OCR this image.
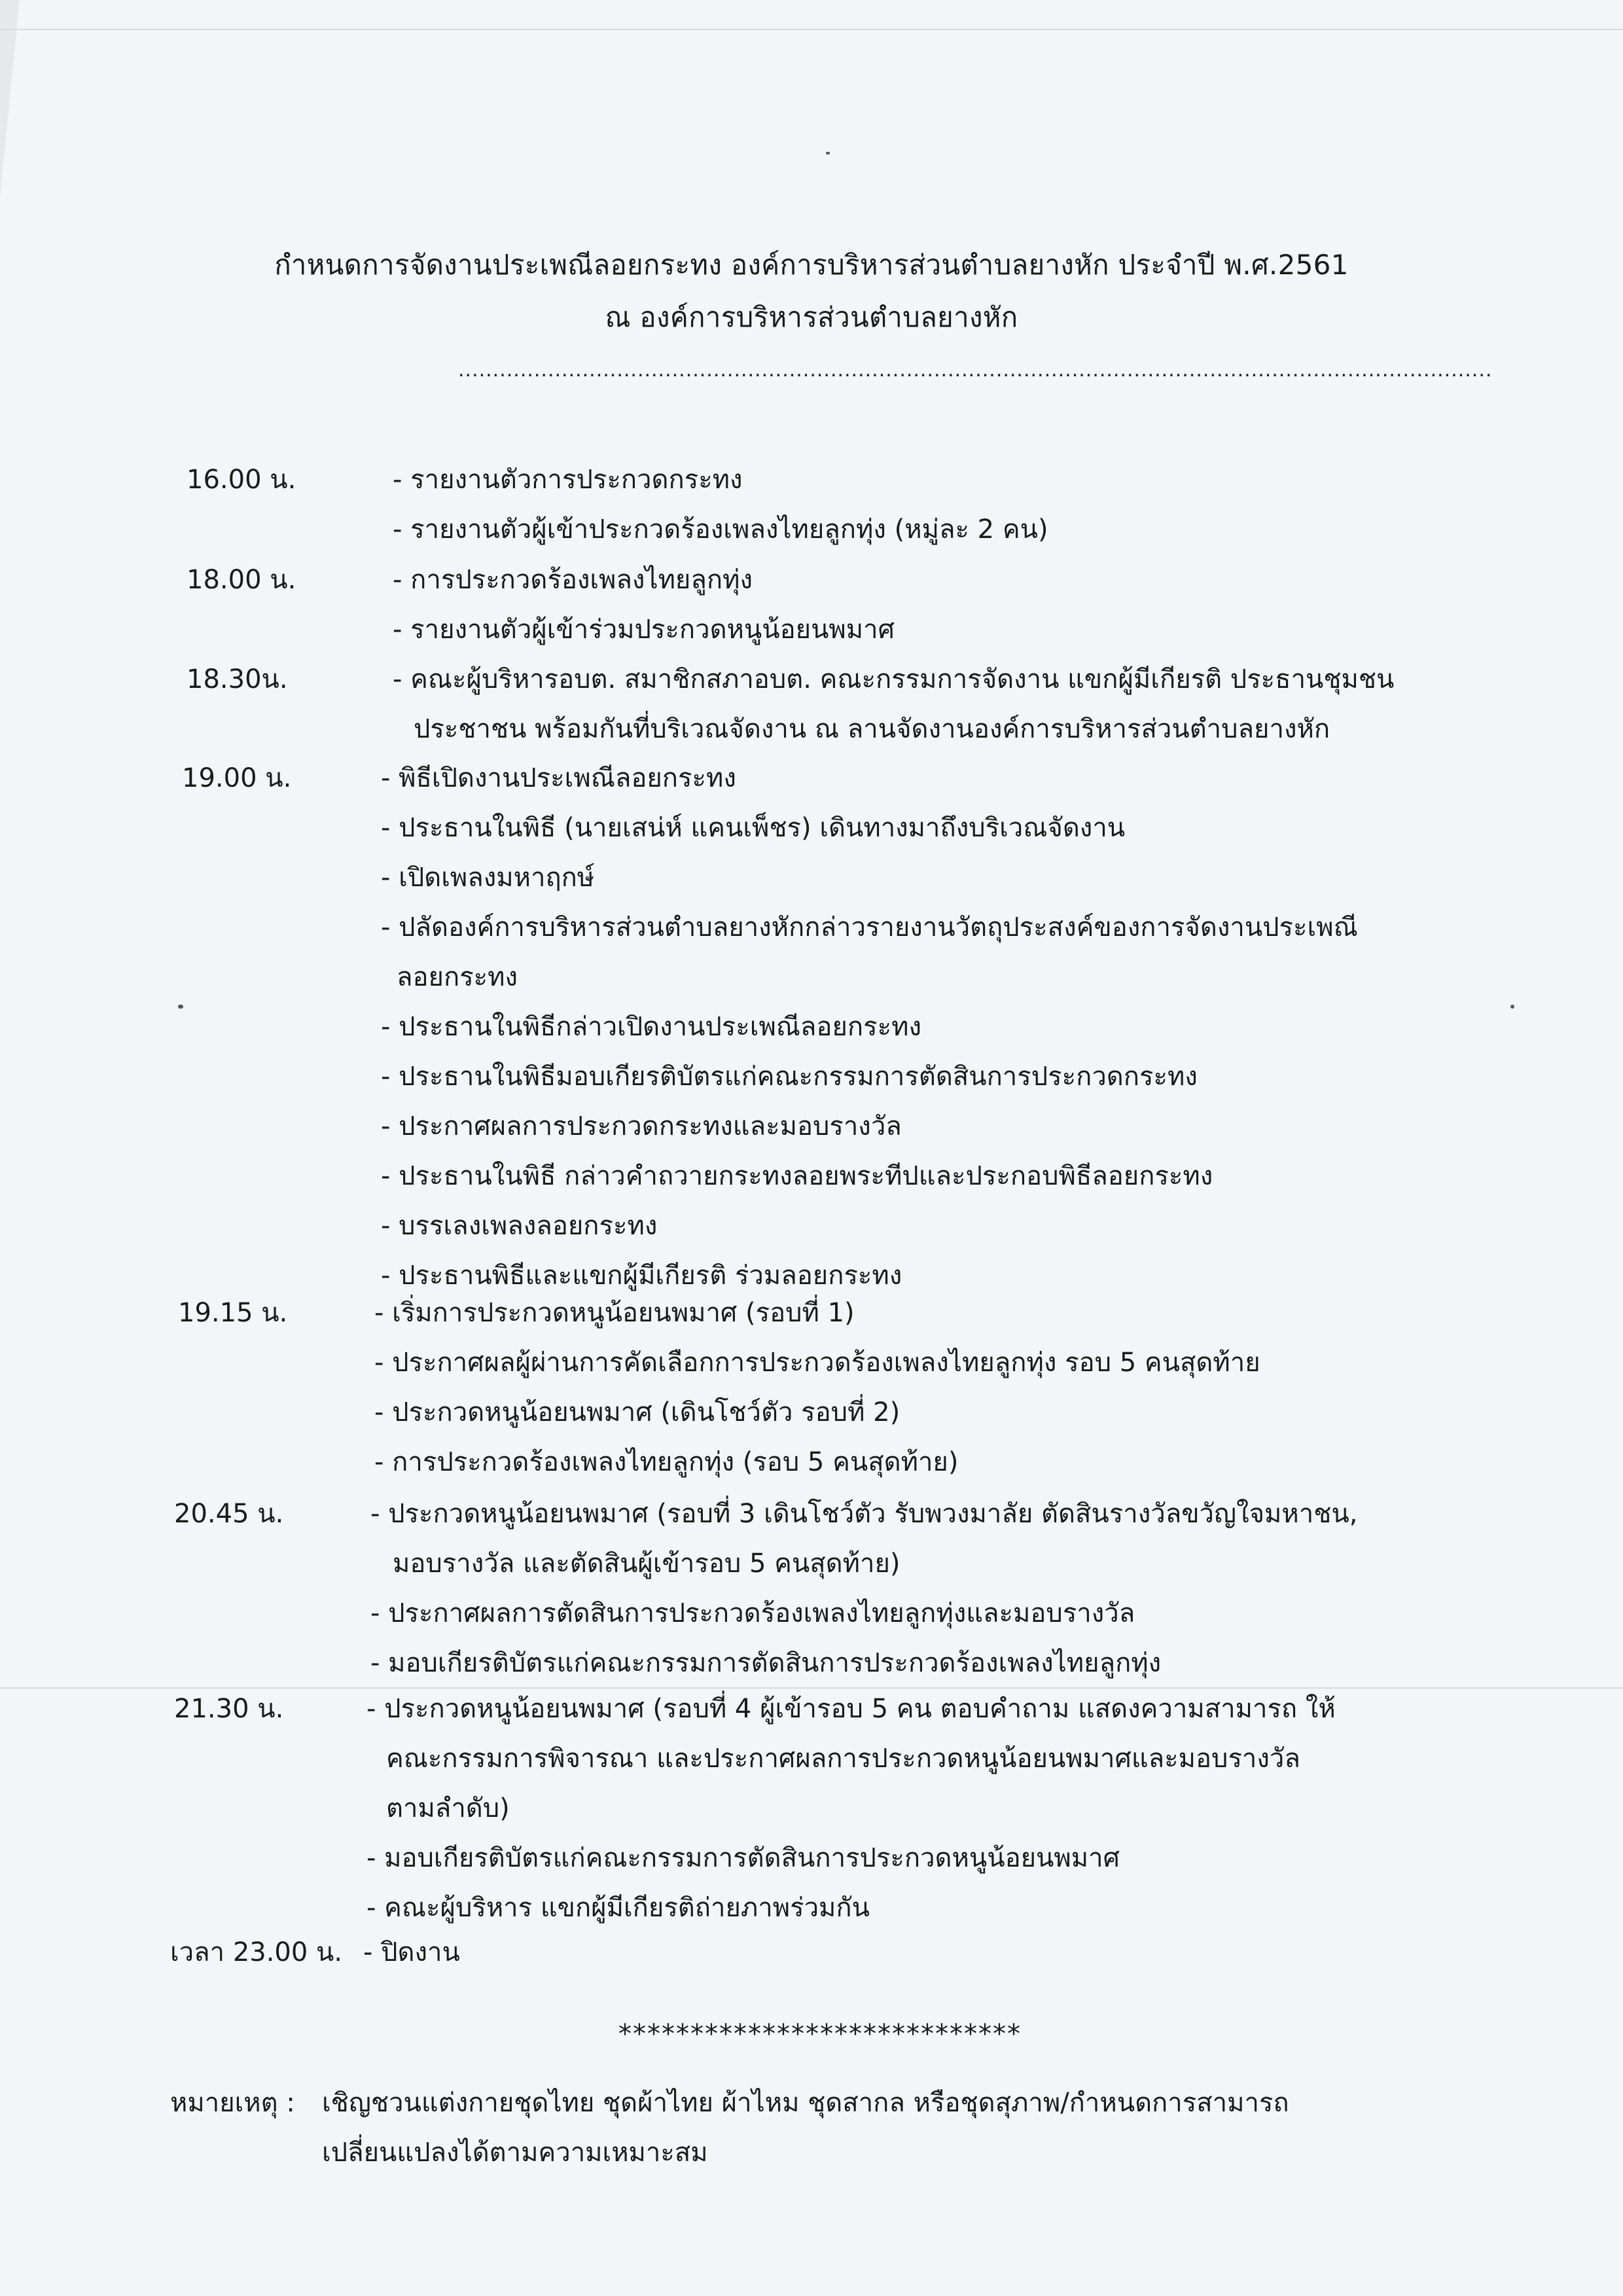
กำหนดการจัดงานประเพณีลอยกระทง องค์การบริหารส่วนตำบลยางหัก ประจำปี พ.ศ.2561
ณ องค์การบริหารส่วนตำบลยางหัก
......................................................................................................................................................
16.00 น.	- รายงานตัวการประกวดกระทง
- รายงานตัวผู้เข้าประกวดร้องเพลงไทยลูกทุ่ง (หมู่ละ 2 คน)
18.00 น.	- การประกวดร้องเพลงไทยลูกทุ่ง
- รายงานตัวผู้เข้าร่วมประกวดหนูน้อยนพมาศ
18.30น.	- คณะผู้บริหารอบต. สมาชิกสภาอบต. คณะกรรมการจัดงาน แขกผู้มีเกียรติ ประธานชุมชน
ประชาชน พร้อมกันที่บริเวณจัดงาน ณ ลานจัดงานองค์การบริหารส่วนตำบลยางหัก
19.00 น.	- พิธีเปิดงานประเพณีลอยกระทง
- ประธานในพิธี (นายเสน่ห์ แคนเพ็ชร) เดินทางมาถึงบริเวณจัดงาน
- เปิดเพลงมหาฤกษ์
- ปลัดองค์การบริหารส่วนตำบลยางหักกล่าวรายงานวัตถุประสงค์ของการจัดงานประเพณี
ลอยกระทง
- ประธานในพิธีกล่าวเปิดงานประเพณีลอยกระทง
- ประธานในพิธีมอบเกียรติบัตรแก่คณะกรรมการตัดสินการประกวดกระทง
- ประกาศผลการประกวดกระทงและมอบรางวัล
- ประธานในพิธี กล่าวคำถวายกระทงลอยพระทีปและประกอบพิธีลอยกระทง
- บรรเลงเพลงลอยกระทง
- ประธานพิธีและแขกผู้มีเกียรติ ร่วมลอยกระทง
19.15 น.	- เริ่มการประกวดหนูน้อยนพมาศ (รอบที่ 1)
- ประกาศผลผู้ผ่านการคัดเลือกการประกวดร้องเพลงไทยลูกทุ่ง รอบ 5 คนสุดท้าย
- ประกวดหนูน้อยนพมาศ (เดินโชว์ตัว รอบที่ 2)
- การประกวดร้องเพลงไทยลูกทุ่ง (รอบ 5 คนสุดท้าย)
20.45 น.	- ประกวดหนูน้อยนพมาศ (รอบที่ 3 เดินโชว์ตัว รับพวงมาลัย ตัดสินรางวัลขวัญใจมหาชน,
มอบรางวัล และตัดสินผู้เข้ารอบ 5 คนสุดท้าย)
- ประกาศผลการตัดสินการประกวดร้องเพลงไทยลูกทุ่งและมอบรางวัล
- มอบเกียรติบัตรแก่คณะกรรมการตัดสินการประกวดร้องเพลงไทยลูกทุ่ง
21.30 น.	- ประกวดหนูน้อยนพมาศ (รอบที่ 4 ผู้เข้ารอบ 5 คน ตอบคำถาม แสดงความสามารถ ให้
คณะกรรมการพิจารณา และประกาศผลการประกวดหนูน้อยนพมาศและมอบรางวัล
ตามลำดับ)
- มอบเกียรติบัตรแก่คณะกรรมการตัดสินการประกวดหนูน้อยนพมาศ
- คณะผู้บริหาร แขกผู้มีเกียรติถ่ายภาพร่วมกัน
เวลา 23.00 น. - ปิดงาน
****************************
หมายเหตุ : เชิญชวนแต่งกายชุดไทย ชุดผ้าไทย ผ้าไหม ชุดสากล หรือชุดสุภาพ/กำหนดการสามารถ
เปลี่ยนแปลงได้ตามความเหมาะสม
